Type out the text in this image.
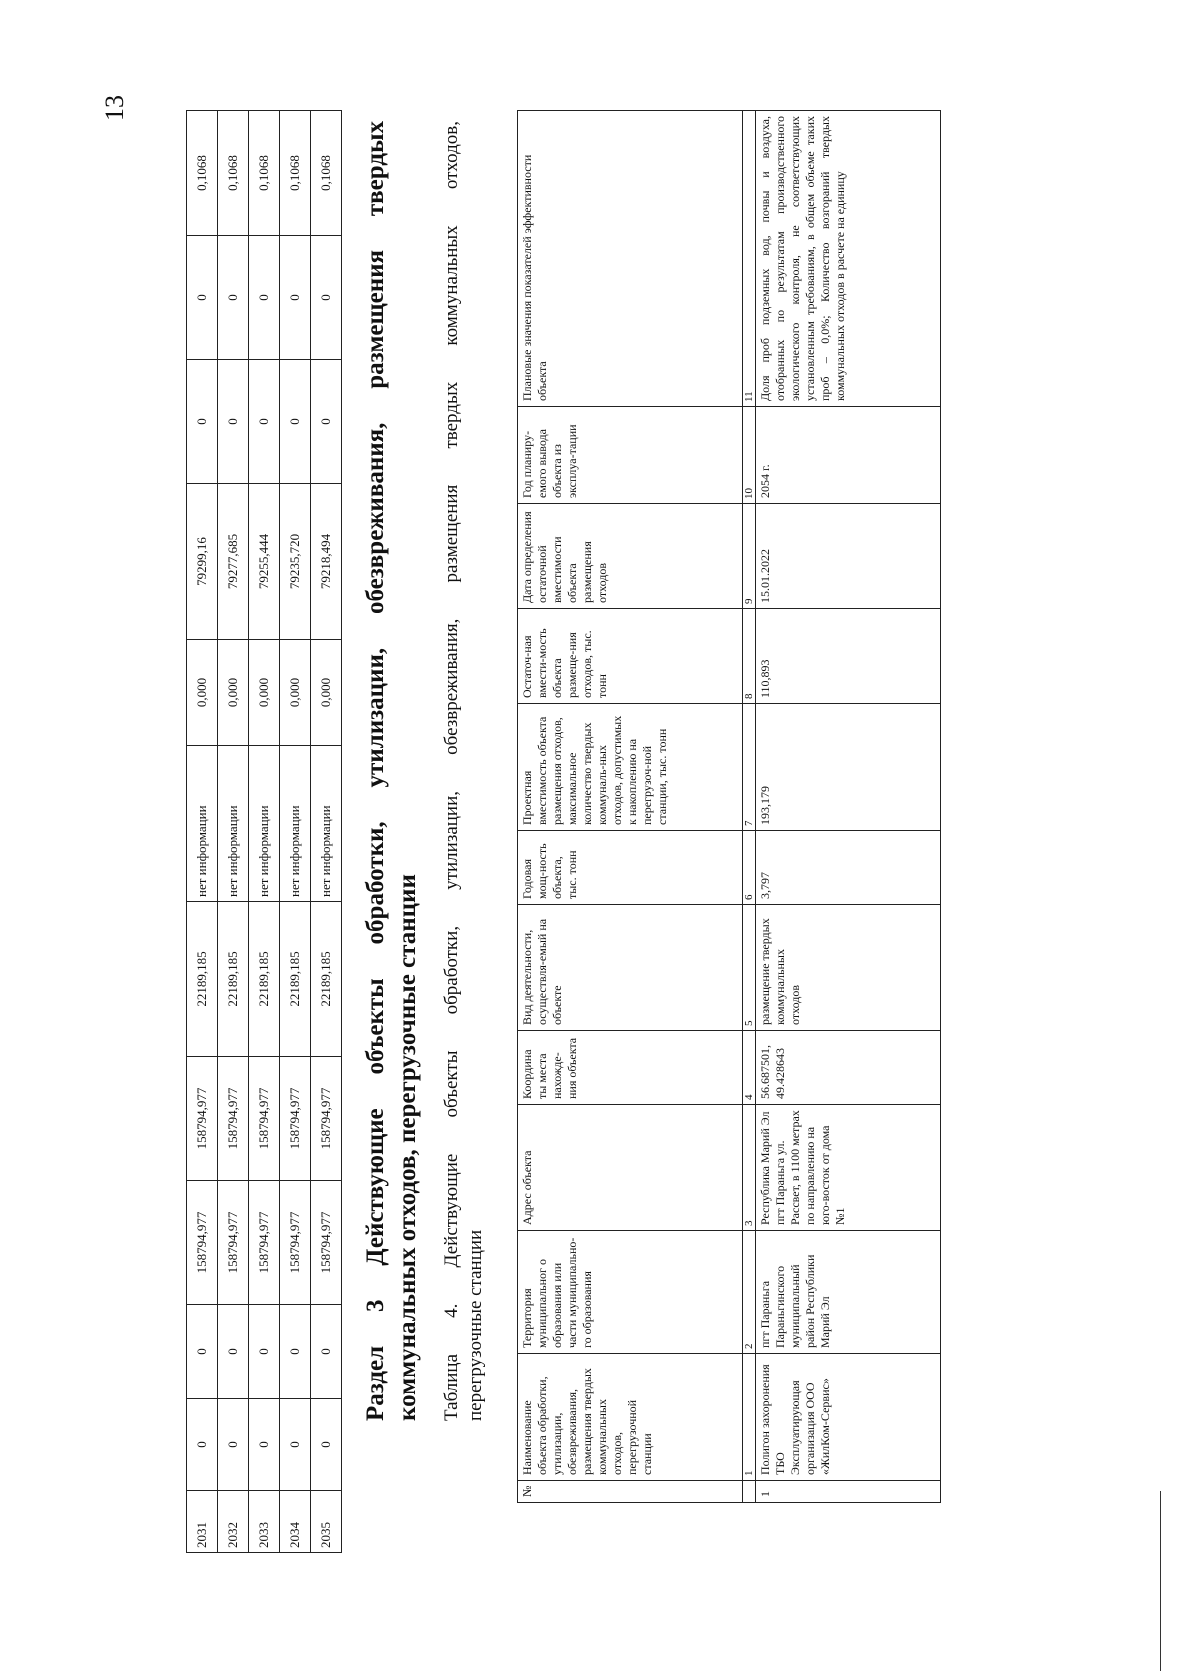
13
2031	0	0	158794,977	158794,977	22189,185	нет информации	0,000	79299,16	0	0	0,1068
2032	0	0	158794,977	158794,977	22189,185	нет информации	0,000	79277,685	0	0	0,1068
2033	0	0	158794,977	158794,977	22189,185	нет информации	0,000	79255,444	0	0	0,1068
2034	0	0	158794,977	158794,977	22189,185	нет информации	0,000	79235,720	0	0	0,1068
2035	0	0	158794,977	158794,977	22189,185	нет информации	0,000	79218,494	0	0	0,1068 Раздел 3 Действующие объекты обработки, утилизации, обезвреживания, размещения твердых коммунальных отходов, перегрузочные станции Таблица 4. Действующие объекты обработки, утилизации, обезвреживания, размещения твердых коммунальных отходов, перегрузочные станции
№	Наименование объекта обработки, утилизации, обезвреживания, размещения твердых коммунальных отходов, перегрузочной станции	Территория муниципальног о образования или части муниципально-го образования	Адрес объекта	Координа ты места нахожде-ния объекта	Вид деятельности, осуществля-емый на объекте	Годовая мощ-ность объекта, тыс. тонн	Проектная вместимость объекта размещения отходов, максимальное количество твердых коммуналь-ных отходов, допустимых к накоплению на перегрузоч-ной станции, тыс. тонн	Остаточ-ная вмести-мость объекта размеще-ния отходов, тыс. тонн	Дата определения остаточной вместимости объекта размещения отходов	Год планиру-емого вывода объекта из эксплуа-тации	Плановые значения показателей эффективности объекта
	1	2	3	4	5	6	7	8	9	10	11
1	Полигон захоронения ТБО Эксплуатирующая организация ООО «ЖилКом-Сервис»	пгт Параньга Параньгинского муниципальный район Республики Марий Эл	Республика Марий Эл пгт Параньга ул. Рассвет, в 1100 метрах по направлению на юго-восток от дома №1	56.687501, 49.428643	размещение твердых коммунальных отходов	3,797	193,179	110,893	15.01.2022	2054 г.	Доля проб подземных вод, почвы и воздуха, отобранных по результатам производственного экологического контроля, не соответствующих установленным требованиям, в общем объеме таких проб – 0,0%; Количество возгораний твердых коммунальных отходов в расчете на единицу
